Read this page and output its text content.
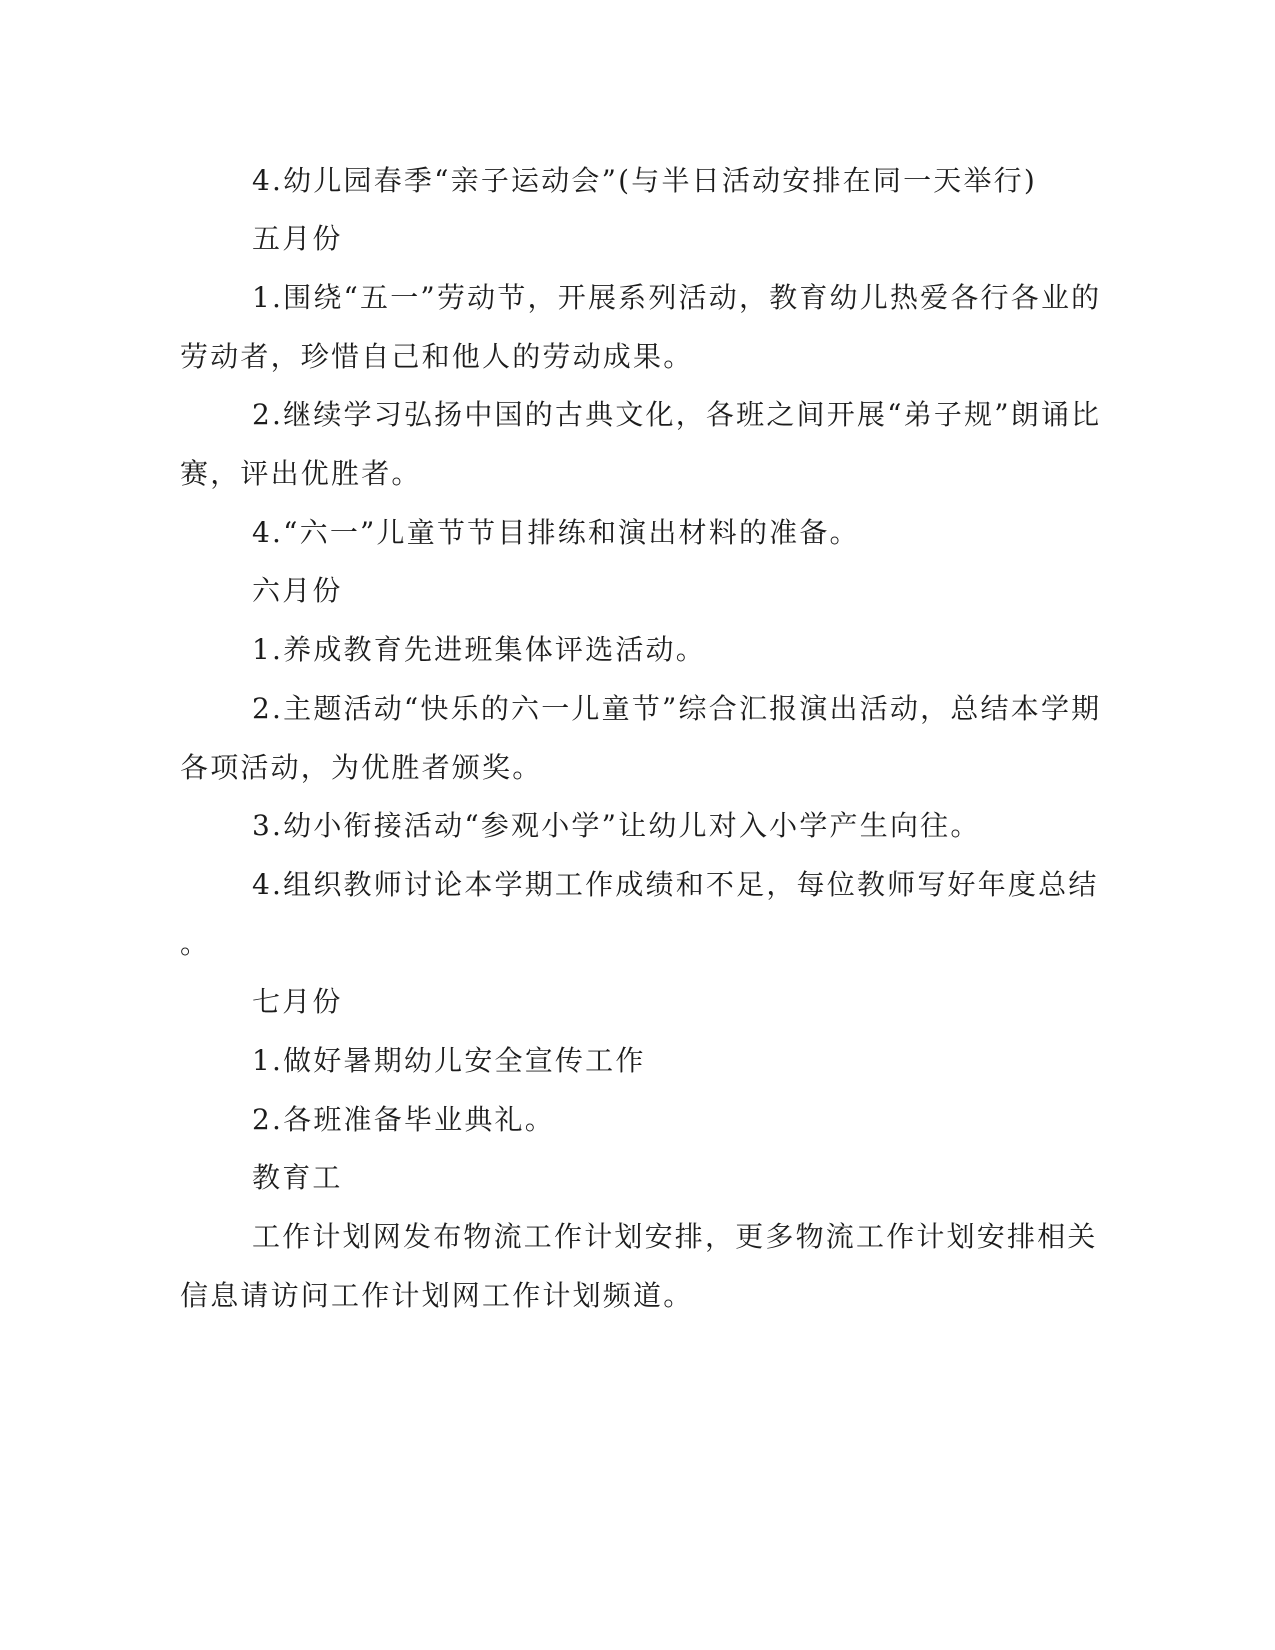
4.幼儿园春季“亲子运动会”(与半日活动安排在同一天举行)

五月份

1.围绕“五一”劳动节，开展系列活动，教育幼儿热爱各行各业的

劳动者，珍惜自己和他人的劳动成果。

2.继续学习弘扬中国的古典文化，各班之间开展“弟子规”朗诵比

赛，评出优胜者。

4.“六一”儿童节节目排练和演出材料的准备。

六月份

1.养成教育先进班集体评选活动。

2.主题活动“快乐的六一儿童节”综合汇报演出活动，总结本学期

各项活动，为优胜者颁奖。

3.幼小衔接活动“参观小学”让幼儿对入小学产生向往。

4.组织教师讨论本学期工作成绩和不足，每位教师写好年度总结

。

七月份

1.做好暑期幼儿安全宣传工作

2.各班准备毕业典礼。

教育工

工作计划网发布物流工作计划安排，更多物流工作计划安排相关

信息请访问工作计划网工作计划频道。
